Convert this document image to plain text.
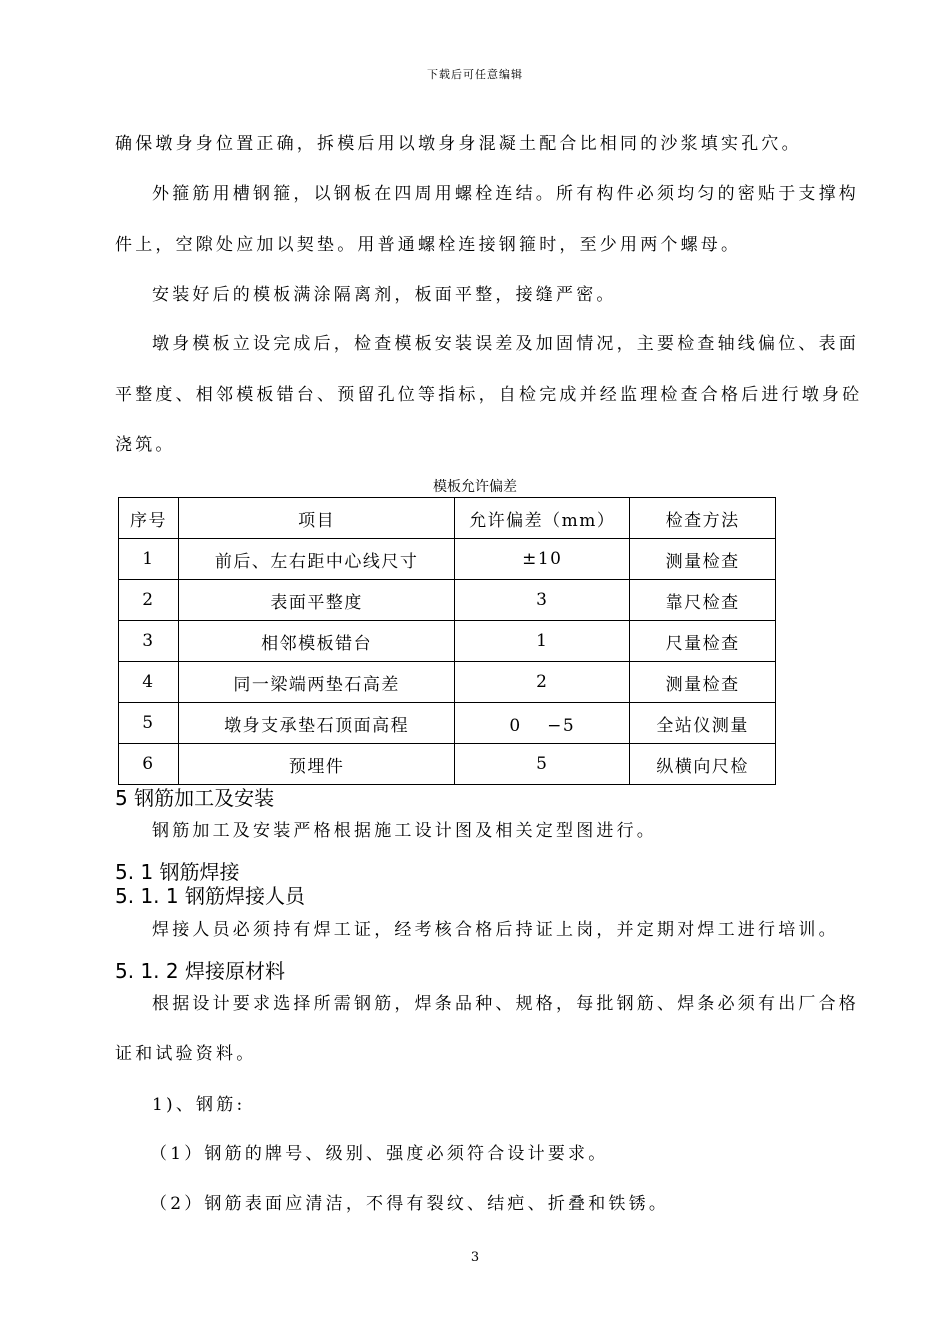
下载后可任意编辑
确保墩身身位置正确，拆模后用以墩身身混凝土配合比相同的沙浆填实孔穴。
外箍筋用槽钢箍，以钢板在四周用螺栓连结。所有构件必须均匀的密贴于支撑构
件上，空隙处应加以契垫。用普通螺栓连接钢箍时，至少用两个螺母。
安装好后的模板满涂隔离剂，板面平整，接缝严密。
墩身模板立设完成后，检查模板安装误差及加固情况，主要检查轴线偏位、表面
平整度、相邻模板错台、预留孔位等指标，自检完成并经监理检查合格后进行墩身砼
浇筑。
模板允许偏差
序号	项目	允许偏差（mm）	检查方法
1	前后、左右距中心线尺寸	±10	测量检查
2	表面平整度	3	靠尺检查
3	相邻模板错台	1	尺量检查
4	同一梁端两垫石高差	2	测量检查
5	墩身支承垫石顶面高程	0　 −5	全站仪测量
6	预埋件	5	纵横向尺检
5 钢筋加工及安装
钢筋加工及安装严格根据施工设计图及相关定型图进行。
5. 1 钢筋焊接
5. 1. 1 钢筋焊接人员
焊接人员必须持有焊工证，经考核合格后持证上岗，并定期对焊工进行培训。
5. 1. 2 焊接原材料
根据设计要求选择所需钢筋，焊条品种、规格，每批钢筋、焊条必须有出厂合格
证和试验资料。
1)、钢筋:
（1）钢筋的牌号、级别、强度必须符合设计要求。
（2）钢筋表面应清洁，不得有裂纹、结疤、折叠和铁锈。
3
